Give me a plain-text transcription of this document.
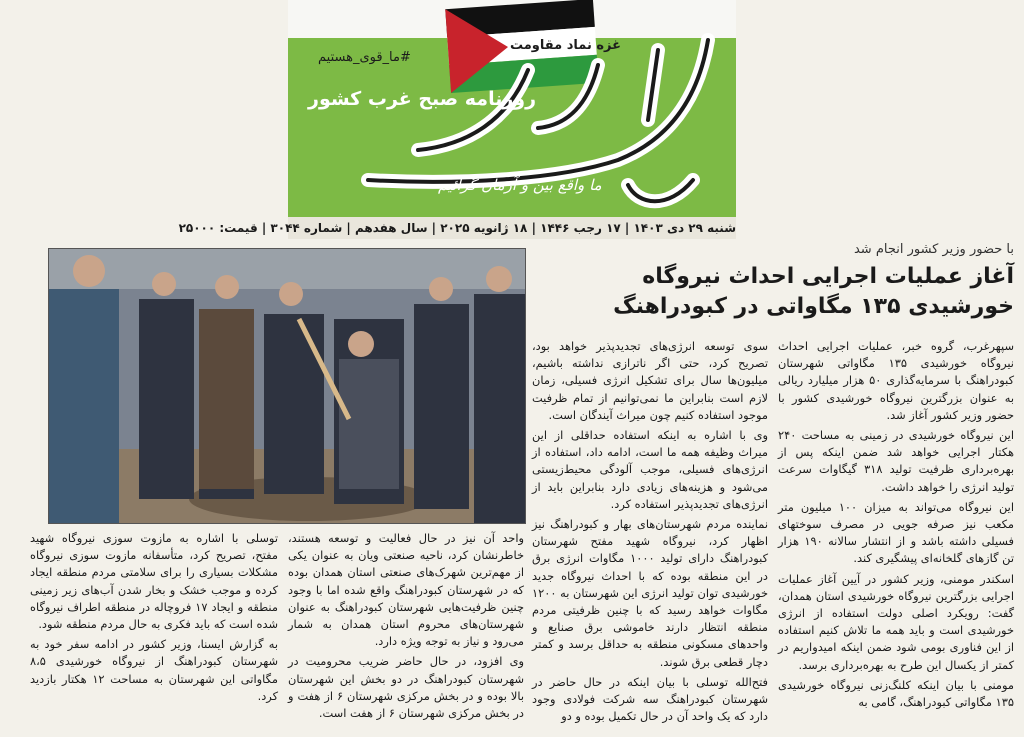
غزه نماد مقاومت
#ما_قوی_هستیم
روزنامه صبح غرب کشور
ما واقع بین و آرمان گرائیم
شنبه ۲۹ دی ۱۴۰۳ | ۱۷ رجب ۱۴۴۶ | ۱۸ ژانویه ۲۰۲۵ | سال هفدهم | شماره ۳۰۴۴ | قیمت: ۲۵۰۰۰
با حضور وزیر کشور انجام شد
آغاز عملیات اجرایی احداث نیروگاه خورشیدی ۱۳۵ مگاواتی در کبودراهنگ

سپهرغرب، گروه خبر، عملیات اجرایی احداث نیروگاه خورشیدی ۱۳۵ مگاواتی شهرستان کبودراهنگ با سرمایه‌گذاری ۵۰ هزار میلیارد ریالی به عنوان بزرگترین نیروگاه خورشیدی کشور با حضور وزیر کشور آغاز شد.

این نیروگاه خورشیدی در زمینی به مساحت ۲۴۰ هکتار اجرایی خواهد شد ضمن اینکه پس از بهره‌برداری ظرفیت تولید ۳۱۸ گیگاوات سرعت تولید انرژی را خواهد داشت.

این نیروگاه می‌تواند به میزان ۱۰۰ میلیون متر مکعب نیز صرفه جویی در مصرف سوختهای فسیلی داشته باشد و از انتشار سالانه ۱۹۰ هزار تن گازهای گلخانه‌ای پیشگیری کند.

اسکندر مومنی، وزیر کشور در آیین آغاز عملیات اجرایی بزرگترین نیروگاه خورشیدی استان همدان، گفت: رویکرد اصلی دولت استفاده از انرژی خورشیدی است و باید همه ما تلاش کنیم استفاده از این فناوری بومی شود ضمن اینکه امیدواریم در کمتر از یکسال این طرح به بهره‌برداری برسد.

مومنی با بیان اینکه کلنگ‌زنی نیروگاه خورشیدی ۱۳۵ مگاواتی کبودراهنگ، گامی به

سوی توسعه انرژی‌های تجدیدپذیر خواهد بود، تصریح کرد، حتی اگر ناترازی نداشته باشیم، میلیون‌ها سال برای تشکیل انرژی فسیلی، زمان لازم است بنابراین ما نمی‌توانیم از تمام ظرفیت موجود استفاده کنیم چون میراث آیندگان است.

وی با اشاره به اینکه استفاده حداقلی از این میراث وظیفه همه ما است، ادامه داد، استفاده از انرژی‌های فسیلی، موجب آلودگی محیط‌زیستی می‌شود و هزینه‌های زیادی دارد بنابراین باید از انرژی‌های تجدیدپذیر استفاده کرد.

نماینده مردم شهرستان‌های بهار و کبودراهنگ نیز اظهار کرد، نیروگاه شهید مفتح شهرستان کبودراهنگ دارای تولید ۱۰۰۰ مگاوات انرژی برق در این منطقه بوده که با احداث نیروگاه جدید خورشیدی توان تولید انرژی این شهرستان به ۱۲۰۰ مگاوات خواهد رسید که با چنین ظرفیتی مردم منطقه انتظار دارند خاموشی برق صنایع و واحدهای مسکونی منطقه به حداقل برسد و کمتر دچار قطعی برق شوند.

فتح‌الله توسلی با بیان اینکه در حال حاضر در شهرستان کبودراهنگ سه شرکت فولادی وجود دارد که یک واحد آن در حال تکمیل بوده و دو

واحد آن نیز در حال فعالیت و توسعه هستند، خاطرنشان کرد، ناحیه صنعتی ویان به عنوان یکی از مهم‌ترین شهرک‌های صنعتی استان همدان بوده که در شهرستان کبودراهنگ واقع شده اما با وجود چنین ظرفیت‌هایی شهرستان کبودراهنگ به عنوان شهرستان‌های محروم استان همدان به شمار می‌رود و نیاز به توجه ویژه دارد.

وی افزود، در حال حاضر ضریب محرومیت در شهرستان کبودراهنگ در دو بخش این شهرستان بالا بوده و در بخش مرکزی شهرستان ۶ از هفت و در بخش مرکزی شهرستان ۶ از هفت است.

توسلی با اشاره به مازوت سوزی نیروگاه شهید مفتح، تصریح کرد، متأسفانه مازوت سوزی نیروگاه مشکلات بسیاری را برای سلامتی مردم منطقه ایجاد کرده و موجب خشک و بخار شدن آب‌های زیر زمینی منطقه و ایجاد ۱۷ فروچاله در منطقه اطراف نیروگاه شده است که باید فکری به حال مردم منطقه شود.

به گزارش ایسنا، وزیر کشور در ادامه سفر خود به شهرستان کبودراهنگ از نیروگاه خورشیدی ۸،۵ مگاواتی این شهرستان به مساحت ۱۲ هکتار بازدید کرد.
